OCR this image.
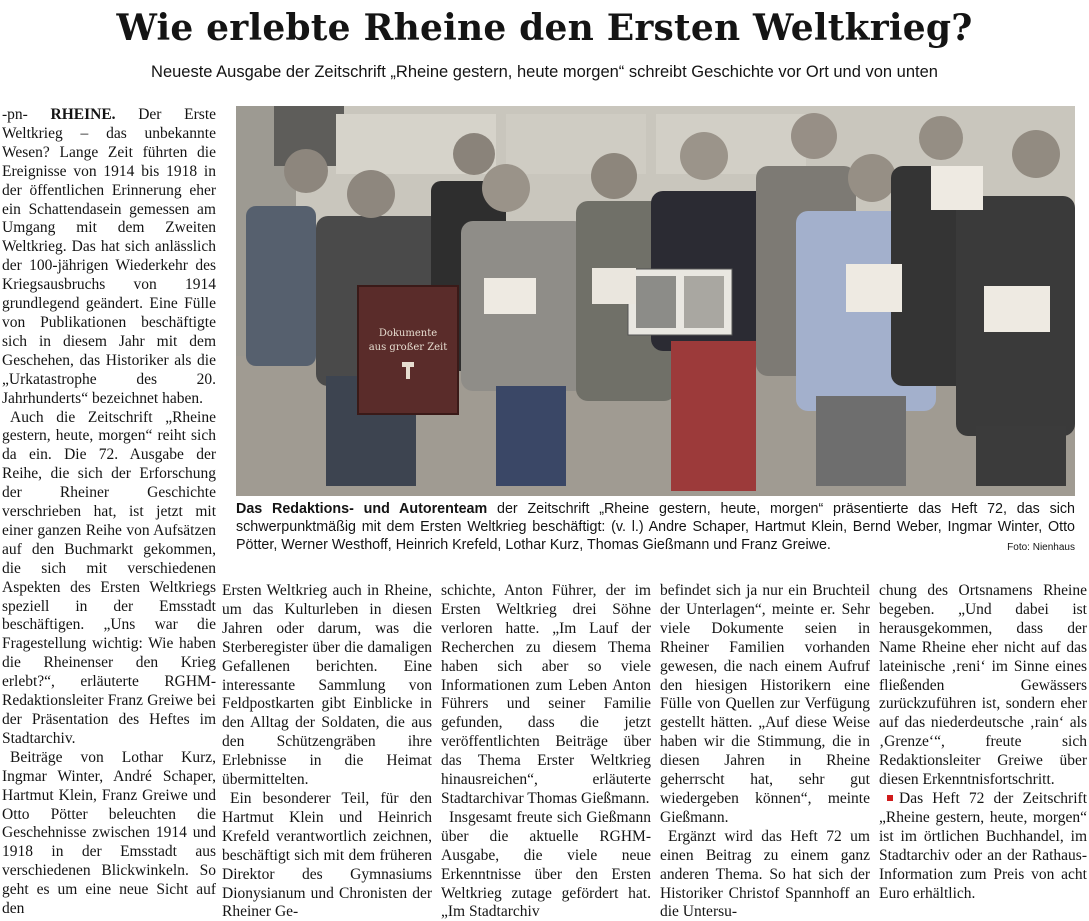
Wie erlebte Rheine den Ersten Weltkrieg?
Neueste Ausgabe der Zeitschrift „Rheine gestern, heute morgen“ schreibt Geschichte vor Ort und von unten

-pn- RHEINE. Der Erste Weltkrieg – das unbekannte Wesen? Lange Zeit führten die Ereignisse von 1914 bis 1918 in der öffentlichen Erinnerung eher ein Schattendasein gemessen am Umgang mit dem Zweiten Weltkrieg. Das hat sich anlässlich der 100-jährigen Wiederkehr des Kriegsausbruchs von 1914 grundlegend geändert. Eine Fülle von Publikationen beschäftigte sich in diesem Jahr mit dem Geschehen, das Historiker als die „Urkatastrophe des 20. Jahrhunderts“ bezeichnet haben.

Auch die Zeitschrift „Rheine gestern, heute, morgen“ reiht sich da ein. Die 72. Ausgabe der Reihe, die sich der Erforschung der Rheiner Geschichte verschrieben hat, ist jetzt mit einer ganzen Reihe von Aufsätzen auf den Buchmarkt gekommen, die sich mit verschiedenen Aspekten des Ersten Weltkriegs speziell in der Emsstadt beschäftigen. „Uns war die Fragestellung wichtig: Wie haben die Rheinenser den Krieg erlebt?“, erläuterte RGHM-Redaktionsleiter Franz Greiwe bei der Präsentation des Heftes im Stadtarchiv.

Beiträge von Lothar Kurz, Ingmar Winter, André Schaper, Hartmut Klein, Franz Greiwe und Otto Pötter beleuchten die Geschehnisse zwischen 1914 und 1918 in der Emsstadt aus verschiedenen Blickwinkeln. So geht es um eine neue Sicht auf den

Dokumente
aus großer Zeit
Das Redaktions- und Autorenteam der Zeitschrift „Rheine gestern, heute, morgen“ präsentierte das Heft 72, das sich schwerpunktmäßig mit dem Ersten Weltkrieg beschäftigt: (v. l.) Andre Schaper, Hartmut Klein, Bernd Weber, Ingmar Winter, Otto Pötter, Werner Westhoff, Heinrich Krefeld, Lothar Kurz, Thomas Gießmann und Franz Greiwe.	Foto: Nienhaus

Ersten Weltkrieg auch in Rheine, um das Kulturleben in diesen Jahren oder darum, was die Sterberegister über die damaligen Gefallenen berichten. Eine interessante Sammlung von Feldpostkarten gibt Einblicke in den Alltag der Soldaten, die aus den Schützengräben ihre Erlebnisse in die Heimat übermittelten.

Ein besonderer Teil, für den Hartmut Klein und Heinrich Krefeld verantwortlich zeichnen, beschäftigt sich mit dem früheren Direktor des Gymnasiums Dionysianum und Chronisten der Rheiner Ge-

schichte, Anton Führer, der im Ersten Weltkrieg drei Söhne verloren hatte. „Im Lauf der Recherchen zu diesem Thema haben sich aber so viele Informationen zum Leben Anton Führers und seiner Familie gefunden, dass die jetzt veröffentlichten Beiträge über das Thema Erster Weltkrieg hinausreichen“, erläuterte Stadtarchivar Thomas Gießmann.

Insgesamt freute sich Gießmann über die aktuelle RGHM-Ausgabe, die viele neue Erkenntnisse über den Ersten Weltkrieg zutage gefördert hat. „Im Stadtarchiv

befindet sich ja nur ein Bruchteil der Unterlagen“, meinte er. Sehr viele Dokumente seien in Rheiner Familien vorhanden gewesen, die nach einem Aufruf den hiesigen Historikern eine Fülle von Quellen zur Verfügung gestellt hätten. „Auf diese Weise haben wir die Stimmung, die in diesen Jahren in Rheine geherrscht hat, sehr gut wiedergeben können“, meinte Gießmann.

Ergänzt wird das Heft 72 um einen Beitrag zu einem ganz anderen Thema. So hat sich der Historiker Christof Spannhoff an die Untersu-

chung des Ortsnamens Rheine begeben. „Und dabei ist herausgekommen, dass der Name Rheine eher nicht auf das lateinische ‚reni‘ im Sinne eines fließenden Gewässers zurückzuführen ist, sondern eher auf das niederdeutsche ‚rain‘ als ‚Grenze‘“, freute sich Redaktionsleiter Greiwe über diesen Erkenntnisfortschritt.

Das Heft 72 der Zeitschrift „Rheine gestern, heute, morgen“ ist im örtlichen Buchhandel, im Stadtarchiv oder an der Rathaus-Information zum Preis von acht Euro erhältlich.
